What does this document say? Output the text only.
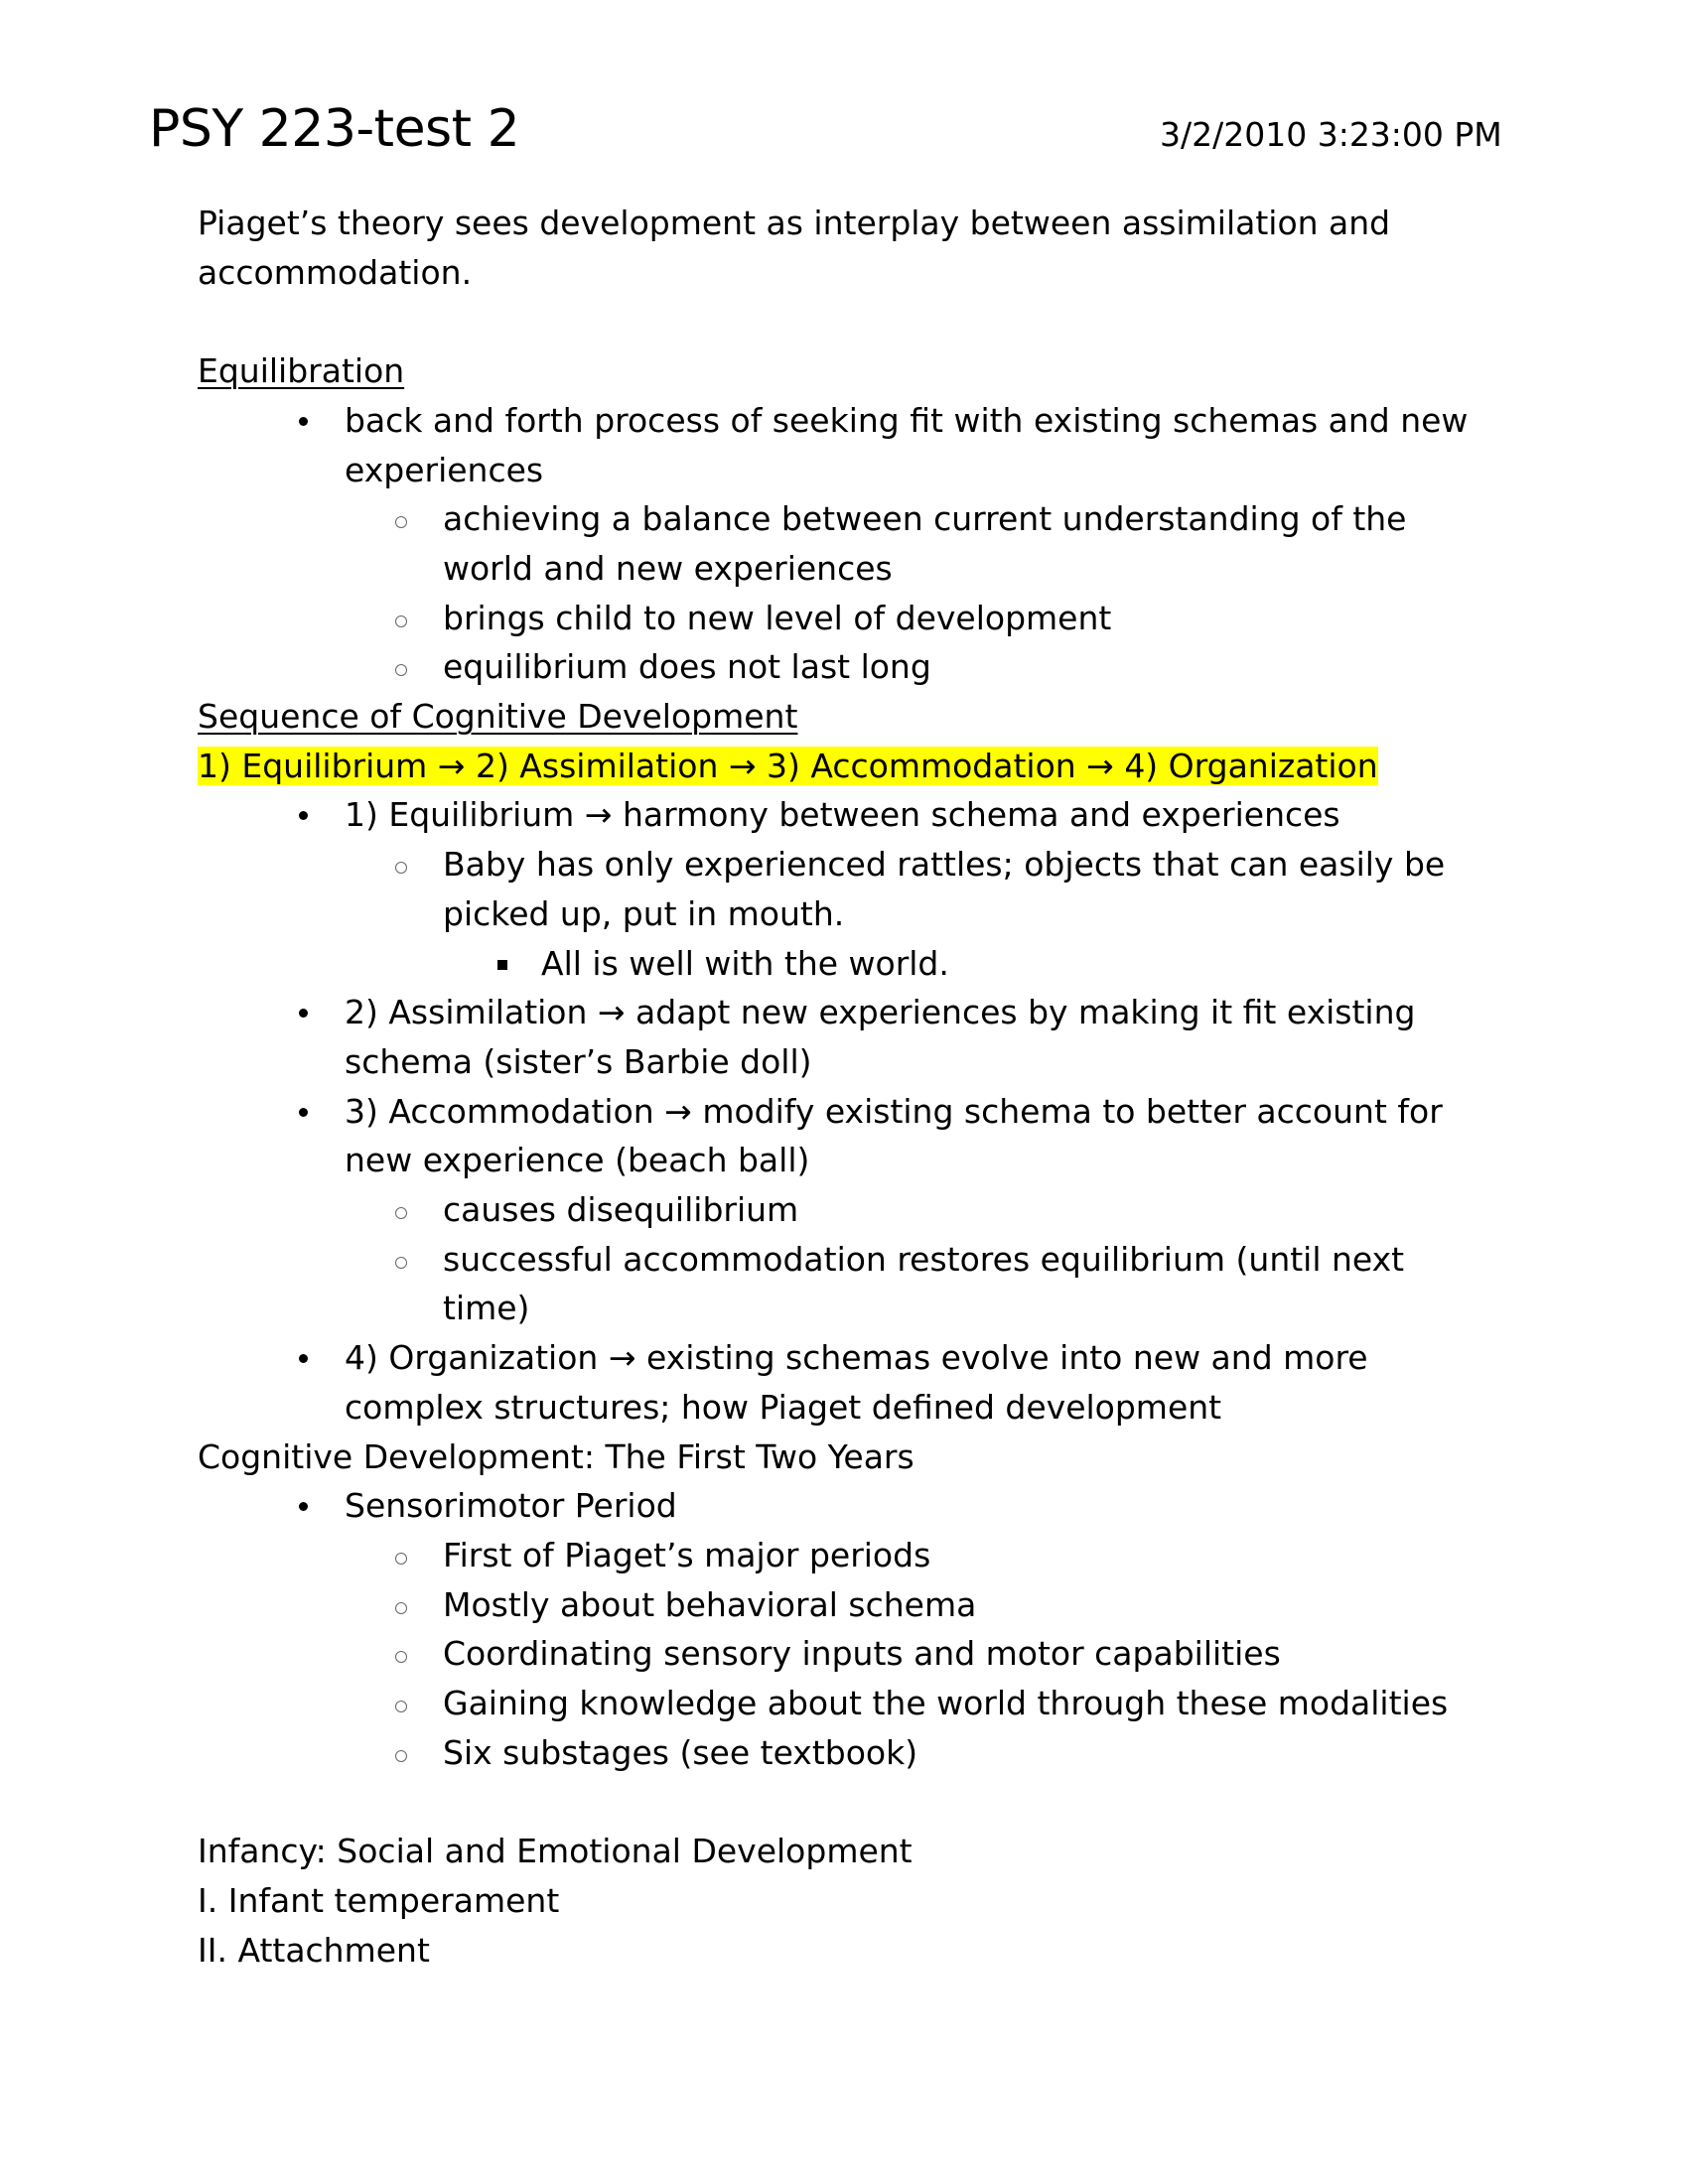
PSY 223-test 2	3/2/2010 3:23:00 PM
Piaget’s theory sees development as interplay between assimilation and
accommodation.
Equilibration
back and forth process of seeking fit with existing schemas and new
experiences
achieving a balance between current understanding of the
world and new experiences
brings child to new level of development
equilibrium does not last long
Sequence of Cognitive Development
1) Equilibrium → 2) Assimilation → 3) Accommodation → 4) Organization
1) Equilibrium → harmony between schema and experiences
Baby has only experienced rattles; objects that can easily be
picked up, put in mouth.
All is well with the world.
2) Assimilation → adapt new experiences by making it fit existing
schema (sister’s Barbie doll)
3) Accommodation → modify existing schema to better account for
new experience (beach ball)
causes disequilibrium
successful accommodation restores equilibrium (until next
time)
4) Organization → existing schemas evolve into new and more
complex structures; how Piaget defined development
Cognitive Development: The First Two Years
Sensorimotor Period
First of Piaget’s major periods
Mostly about behavioral schema
Coordinating sensory inputs and motor capabilities
Gaining knowledge about the world through these modalities
Six substages (see textbook)
Infancy: Social and Emotional Development
I. Infant temperament
II. Attachment
